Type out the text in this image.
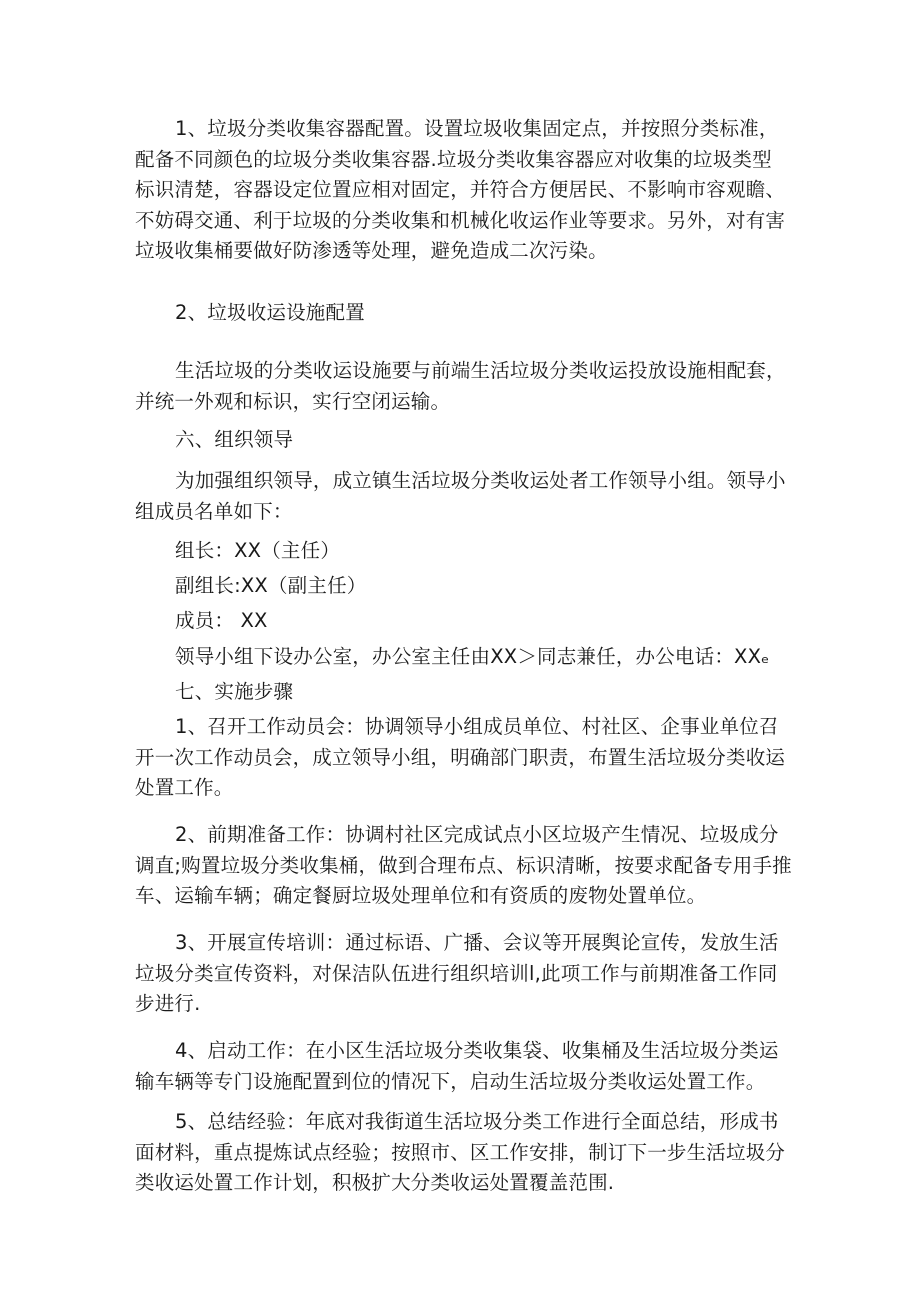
1、垃圾分类收集容器配置。设置垃圾收集固定点，并按照分类标准，
配备不同颜色的垃圾分类收集容器.垃圾分类收集容器应对收集的垃圾类型
标识清楚，容器设定位置应相对固定，并符合方便居民、不影响市容观瞻、
不妨碍交通、利于垃圾的分类收集和机械化收运作业等要求。另外，对有害
垃圾收集桶要做好防渗透等处理，避免造成二次污染。
2、垃圾收运设施配置
生活垃圾的分类收运设施要与前端生活垃圾分类收运投放设施相配套，
并统一外观和标识，实行空闭运输。
六、组织领导
为加强组织领导，成立镇生活垃圾分类收运处者工作领导小组。领导小
组成员名单如下：
组长：XX（主任）
副组长:XX（副主任）
成员： XX
领导小组下设办公室，办公室主任由XX＞同志兼任，办公电话：XXₑ
七、实施步骤
1、召开工作动员会：协调领导小组成员单位、村社区、企事业单位召
开一次工作动员会，成立领导小组，明确部门职责，布置生活垃圾分类收运
处置工作。
2、前期准备工作：协调村社区完成试点小区垃圾产生情况、垃圾成分
调直;购置垃圾分类收集桶，做到合理布点、标识清晰，按要求配备专用手推
车、运输车辆；确定餐厨垃圾处理单位和有资质的废物处置单位。
3、开展宣传培训：通过标语、广播、会议等开展舆论宣传，发放生活
垃圾分类宣传资料，对保洁队伍进行组织培训l,此项工作与前期准备工作同
步进行.
4、启动工作：在小区生活垃圾分类收集袋、收集桶及生活垃圾分类运
输车辆等专门设施配置到位的情况下，启动生活垃圾分类收运处置工作。
5、总结经验：年底对我街道生活垃圾分类工作进行全面总结，形成书
面材料，重点提炼试点经验；按照市、区工作安排，制订下一步生活垃圾分
类收运处置工作计划，积极扩大分类收运处置覆盖范围.
